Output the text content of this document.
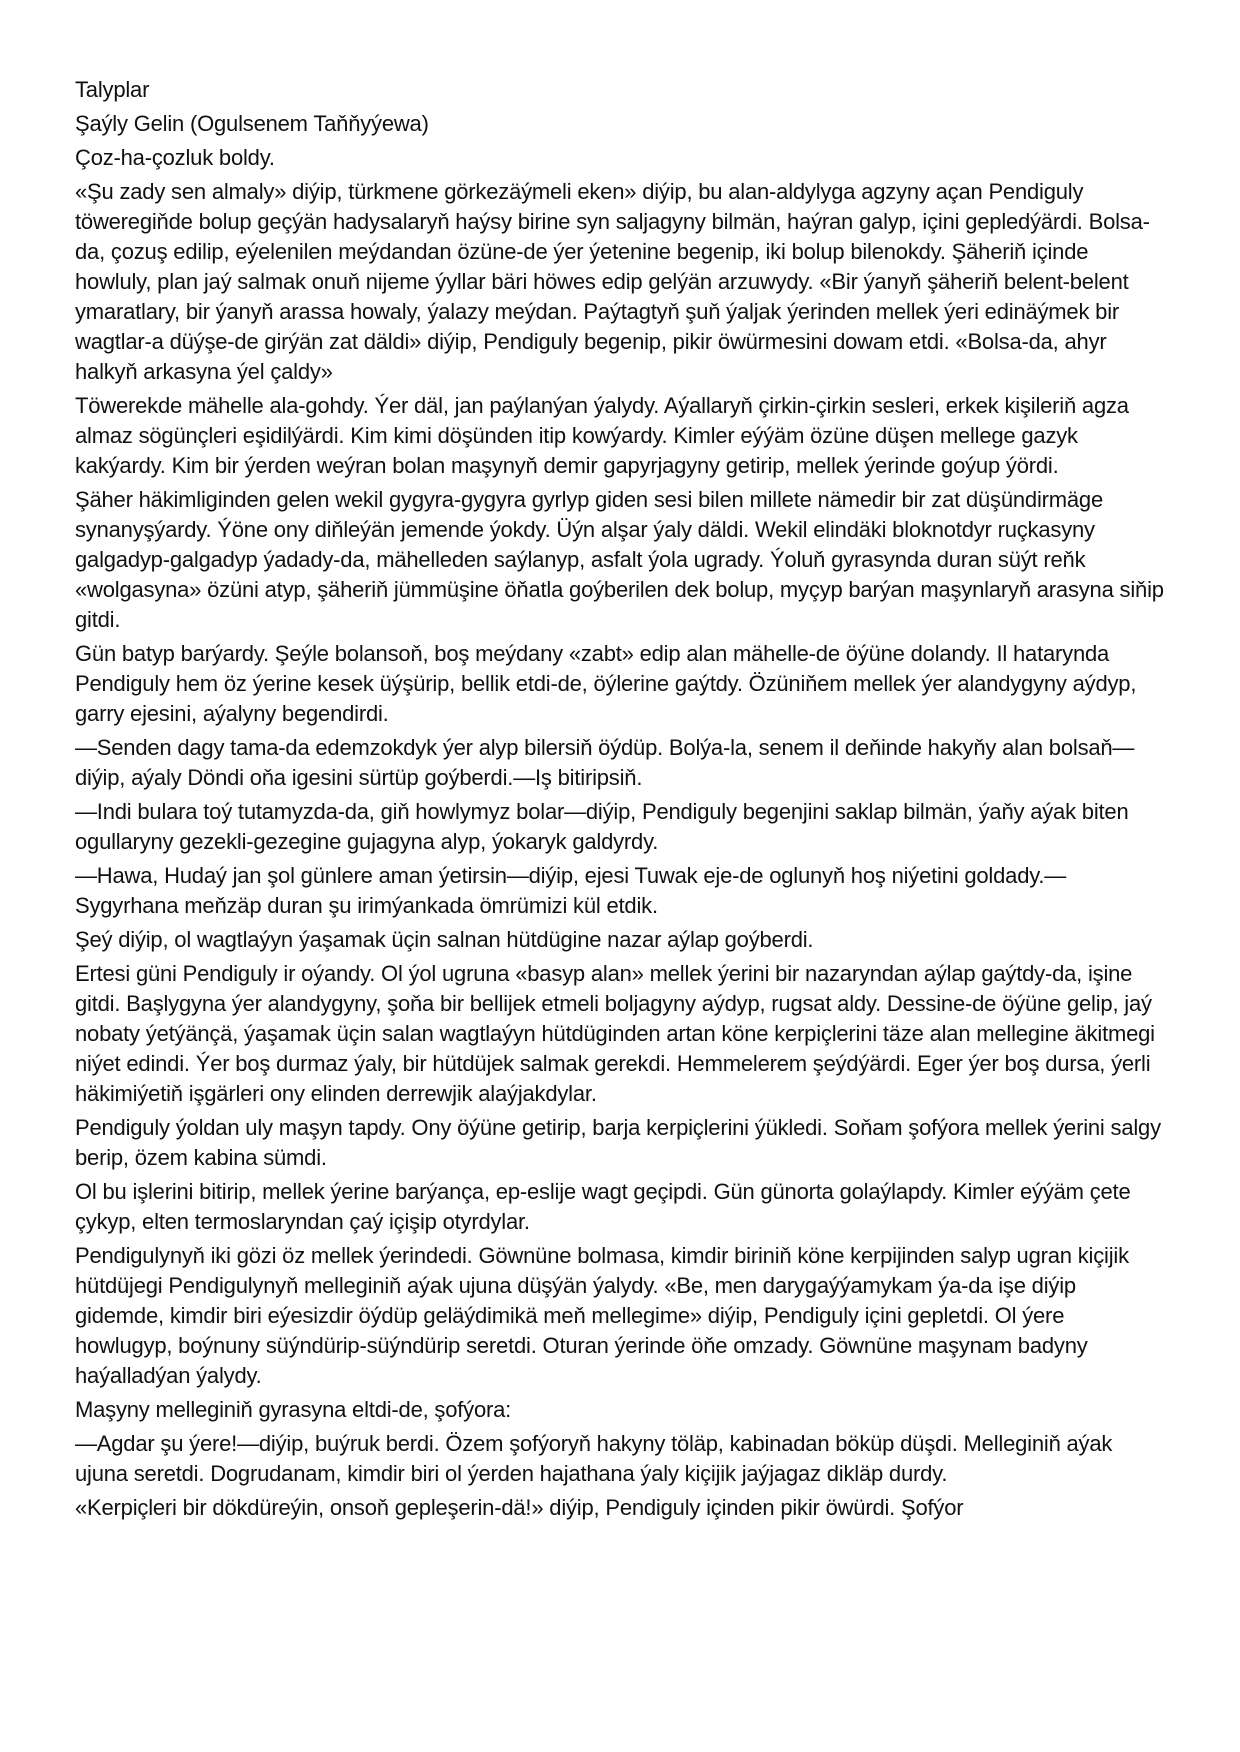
Talyplar

Şaýly Gelin (Ogulsenem Taňňyýewa)

Çoz-ha-çozluk boldy.

«Şu zady sen almaly» diýip, türkmene görkezäýmeli eken» diýip, bu alan-aldylyga agzyny açan Pendiguly töweregiňde bolup geçýän hadysalaryň haýsy birine syn saljagyny bilmän, haýran galyp, içini gepledýärdi. Bolsa-da, çozuş edilip, eýelenilen meýdandan özüne-de ýer ýetenine begenip, iki bolup bilenokdy. Şäheriň içinde howluly, plan jaý salmak onuň nijeme ýyllar bäri höwes edip gelýän arzuwydy. «Bir ýanyň şäheriň belent-belent ymaratlary, bir ýanyň arassa howaly, ýalazy meýdan. Paýtagtyň şuň ýaljak ýerinden mellek ýeri edinäýmek bir wagtlar-a düýşe-de girýän zat däldi» diýip, Pendiguly begenip, pikir öwürmesini dowam etdi. «Bolsa-da, ahyr halkyň arkasyna ýel çaldy»

Töwerekde mähelle ala-gohdy. Ýer däl, jan paýlanýan ýalydy. Aýallaryň çirkin-çirkin sesleri, erkek kişileriň agza almaz sögünçleri eşidilýärdi. Kim kimi döşünden itip kowýardy. Kimler eýýäm özüne düşen mellege gazyk kakýardy. Kim bir ýerden weýran bolan maşynyň demir gapyrjagyny getirip, mellek ýerinde goýup ýördi.

Şäher häkimliginden gelen wekil gygyra-gygyra gyrlyp giden sesi bilen millete nämedir bir zat düşündirmäge synanyşýardy. Ýöne ony diňleýän jemende ýokdy. Üýn alşar ýaly däldi. Wekil elindäki bloknotdyr ruçkasyny galgadyp-galgadyp ýadady-da, mähelleden saýlanyp, asfalt ýola ugrady. Ýoluň gyrasynda duran süýt reňk «wolgasyna» özüni atyp, şäheriň jümmüşine öňatla goýberilen dek bolup, myçyp barýan maşynlaryň arasyna siňip gitdi.

Gün batyp barýardy. Şeýle bolansoň, boş meýdany «zabt» edip alan mähelle-de öýüne dolandy. Il hatarynda Pendiguly hem öz ýerine kesek üýşürip, bellik etdi-de, öýlerine gaýtdy. Özüniňem mellek ýer alandygyny aýdyp, garry ejesini, aýalyny begendirdi.

—Senden dagy tama-da edemzokdyk ýer alyp bilersiň öýdüp. Bolýa-la, senem il deňinde hakyňy alan bolsaň—diýip, aýaly Döndi oňa igesini sürtüp goýberdi.—Iş bitiripsiň.

—Indi bulara toý tutamyzda-da, giň howlymyz bolar—diýip, Pendiguly begenjini saklap bilmän, ýaňy aýak biten ogullaryny gezekli-gezegine gujagyna alyp, ýokaryk galdyrdy.

—Hawa, Hudaý jan şol günlere aman ýetirsin—diýip, ejesi Tuwak eje-de oglunyň hoş niýetini goldady.—Sygyrhana meňzäp duran şu irimýankada ömrümizi kül etdik.

Şeý diýip, ol wagtlaýyn ýaşamak üçin salnan hütdügine nazar aýlap goýberdi.

Ertesi güni Pendiguly ir oýandy. Ol ýol ugruna «basyp alan» mellek ýerini bir nazaryndan aýlap gaýtdy-da, işine gitdi. Başlygyna ýer alandygyny, şoňa bir bellijek etmeli boljagyny aýdyp, rugsat aldy. Dessine-de öýüne gelip, jaý nobaty ýetýänçä, ýaşamak üçin salan wagtlaýyn hütdüginden artan köne kerpiçlerini täze alan mellegine äkitmegi niýet edindi. Ýer boş durmaz ýaly, bir hütdüjek salmak gerekdi. Hemmelerem şeýdýärdi. Eger ýer boş dursa, ýerli häkimiýetiň işgärleri ony elinden derrewjik alaýjakdylar.

Pendiguly ýoldan uly maşyn tapdy. Ony öýüne getirip, barja kerpiçlerini ýükledi. Soňam şofýora mellek ýerini salgy berip, özem kabina sümdi.

Ol bu işlerini bitirip, mellek ýerine barýança, ep-eslije wagt geçipdi. Gün günorta golaýlapdy. Kimler eýýäm çete çykyp, elten termoslaryndan çaý içişip otyrdylar.

Pendigulynyň iki gözi öz mellek ýerindedi. Göwnüne bolmasa, kimdir biriniň köne kerpijinden salyp ugran kiçijik hütdüjegi Pendigulynyň melleginiň aýak ujuna düşýän ýalydy. «Be, men darygaýýamykam ýa-da işe diýip gidemde, kimdir biri eýesizdir öýdüp geläýdimikä meň mellegime» diýip, Pendiguly içini gepletdi. Ol ýere howlugyp, boýnuny süýndürip-süýndürip seretdi. Oturan ýerinde öňe omzady. Göwnüne maşynam badyny haýalladýan ýalydy.

Maşyny melleginiň gyrasyna eltdi-de, şofýora:

—Agdar şu ýere!—diýip, buýruk berdi. Özem şofýoryň hakyny töläp, kabinadan böküp düşdi. Melleginiň aýak ujuna seretdi. Dogrudanam, kimdir biri ol ýerden hajathana ýaly kiçijik jaýjagaz dikläp durdy.

«Kerpiçleri bir dökdüreýin, onsoň gepleşerin-dä!» diýip, Pendiguly içinden pikir öwürdi. Şofýor
